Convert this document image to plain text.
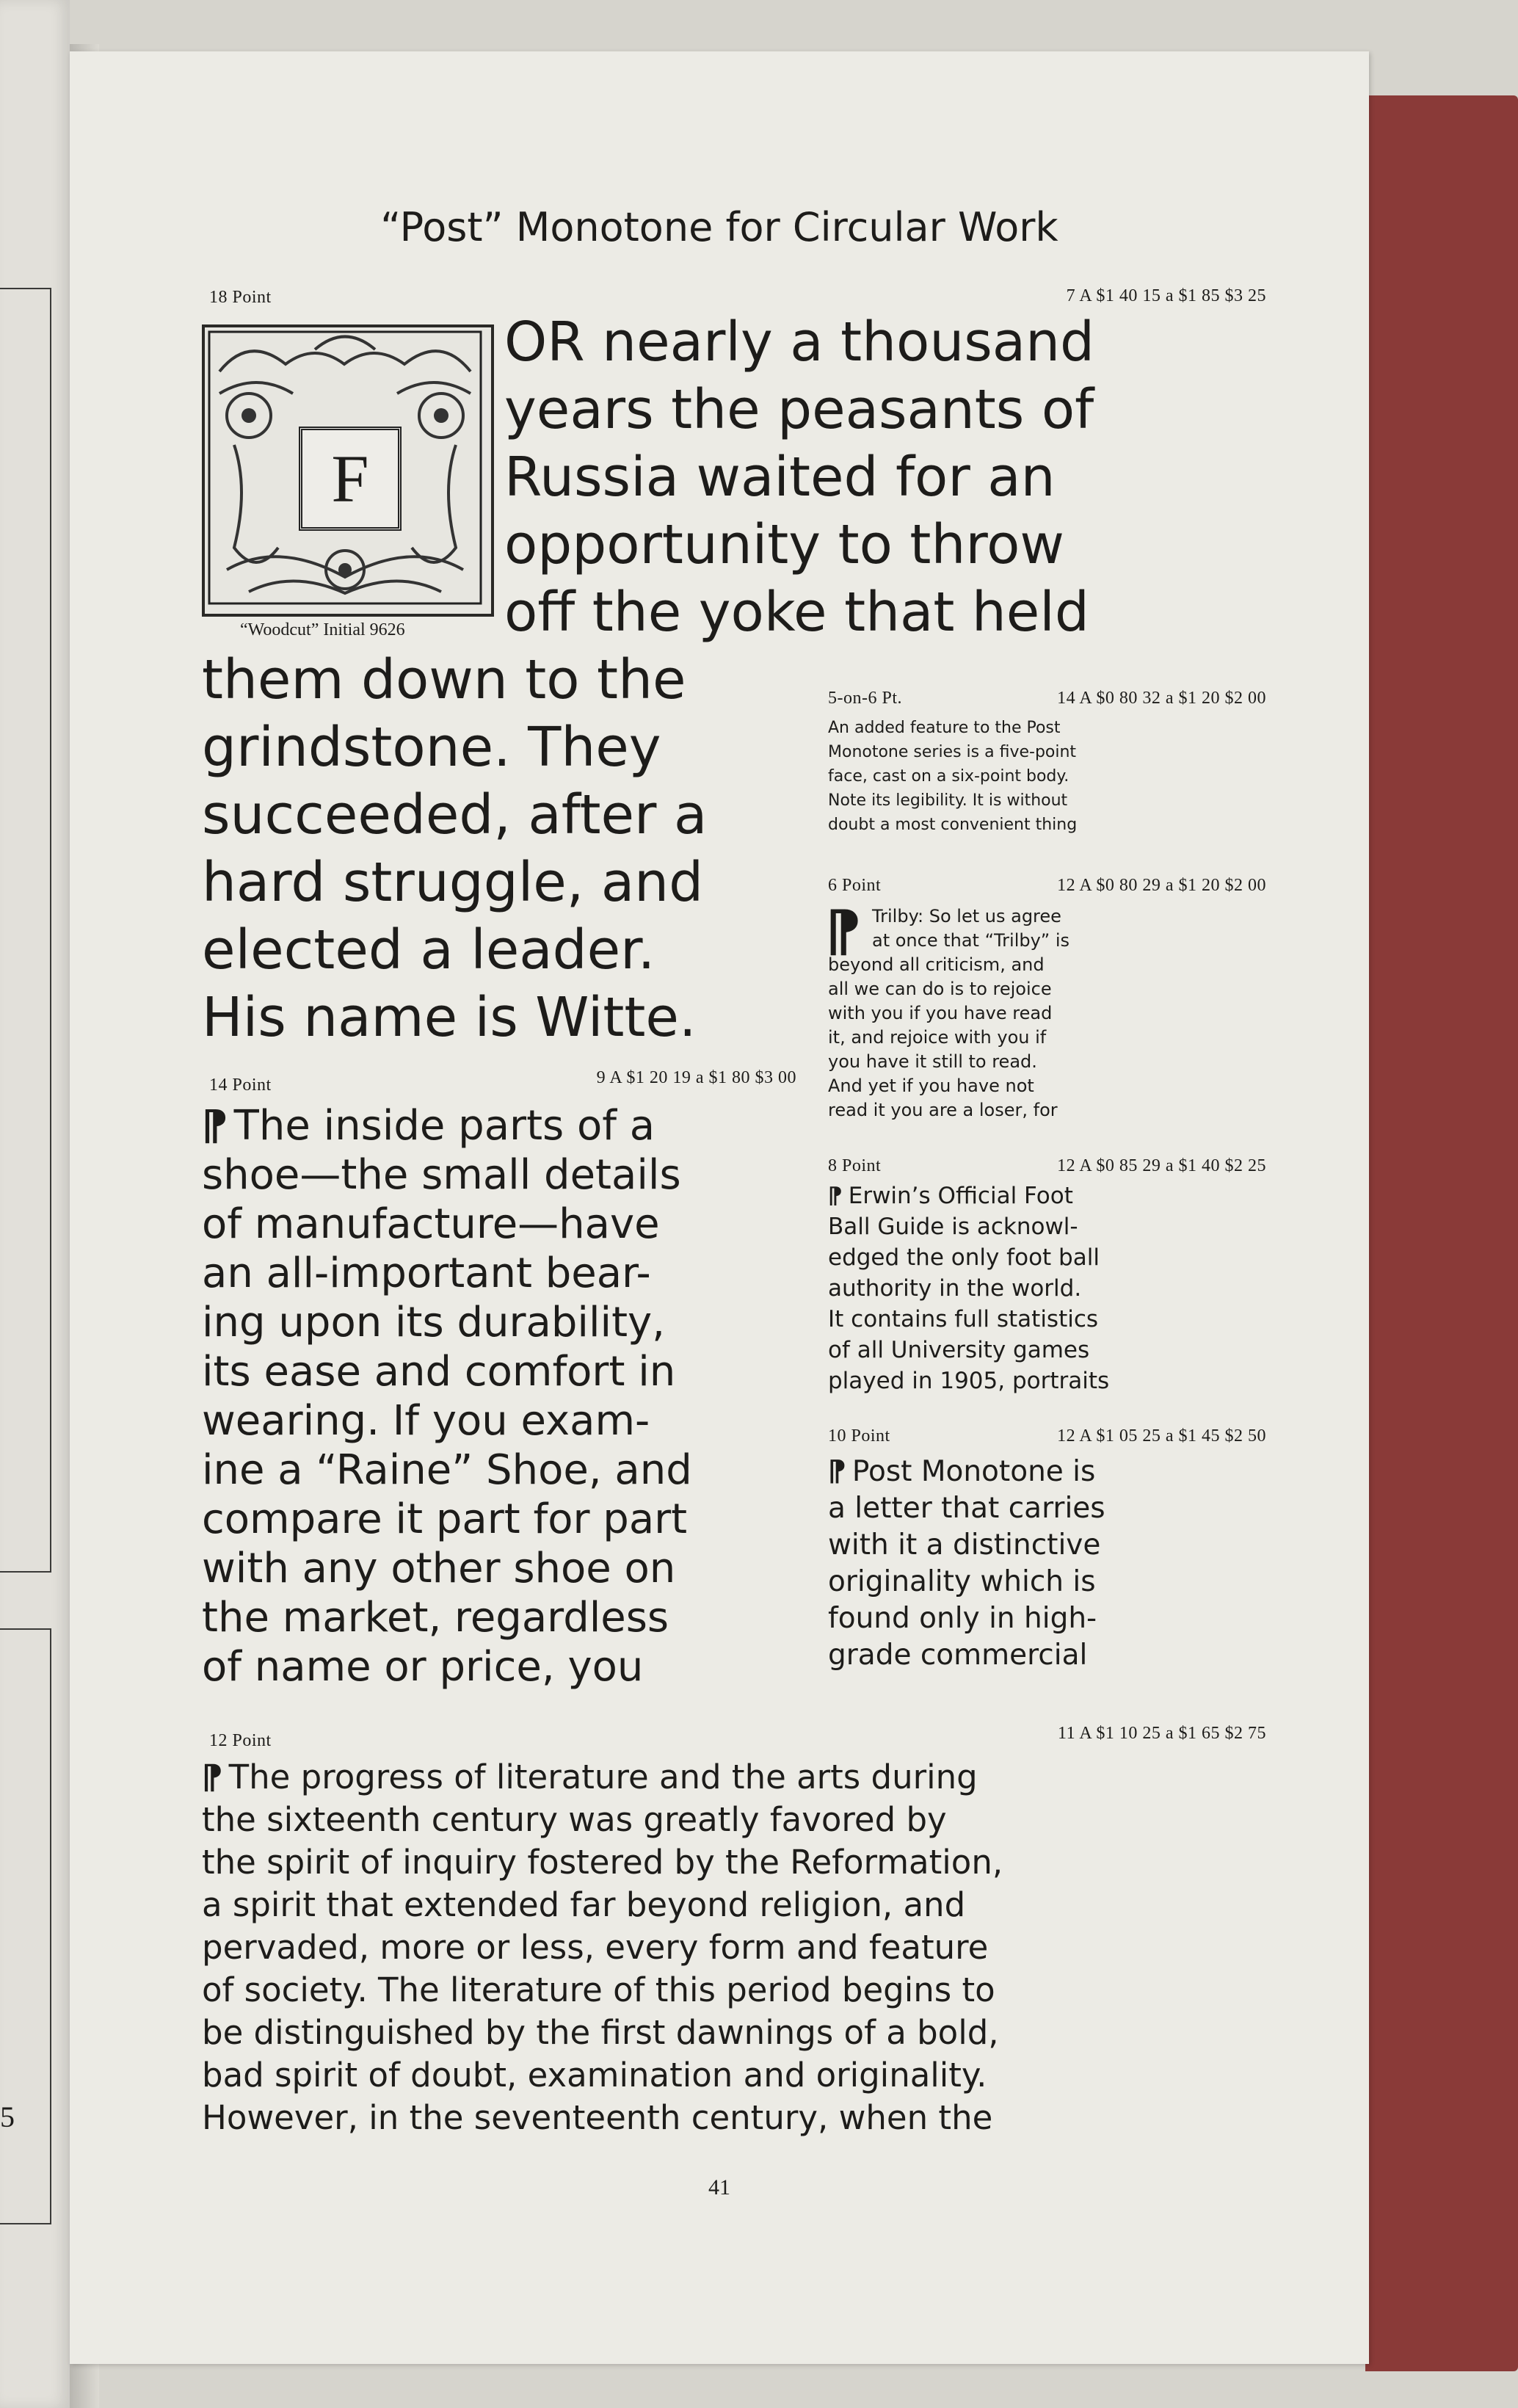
5
“Post” Monotone for Circular Work
18 Point	7 A $1 40 15 a $1 85 $3 25
F
“Woodcut” Initial 9626
OR nearly a thousand
years the peasants of
Russia waited for an
opportunity to throw
off the yoke that held
them down to the
grindstone. They
succeeded, after a
hard struggle, and
elected a leader.
His name is Witte.
5-on-6 Pt.	14 A $0 80 32 a $1 20 $2 00
An added feature to the Post
Monotone series is a five-point
face, cast on a six-point body.
Note its legibility. It is without
doubt a most convenient thing
6 Point	12 A $0 80 29 a $1 20 $2 00
¶ Trilby: So let us agree
at once that “Trilby” is
beyond all criticism, and
all we can do is to rejoice
with you if you have read
it, and rejoice with you if
you have it still to read.
And yet if you have not
read it you are a loser, for
8 Point	12 A $0 85 29 a $1 40 $2 25
¶ Erwin’s Official Foot
Ball Guide is acknowl-
edged the only foot ball
authority in the world.
It contains full statistics
of all University games
played in 1905, portraits
10 Point	12 A $1 05 25 a $1 45 $2 50
¶ Post Monotone is
a letter that carries
with it a distinctive
originality which is
found only in high-
grade commercial
14 Point	9 A $1 20 19 a $1 80 $3 00
¶ The inside parts of a
shoe—the small details
of manufacture—have
an all-important bear-
ing upon its durability,
its ease and comfort in
wearing. If you exam-
ine a “Raine” Shoe, and
compare it part for part
with any other shoe on
the market, regardless
of name or price, you
12 Point	11 A $1 10 25 a $1 65 $2 75
¶ The progress of literature and the arts during
the sixteenth century was greatly favored by
the spirit of inquiry fostered by the Reformation,
a spirit that extended far beyond religion, and
pervaded, more or less, every form and feature
of society. The literature of this period begins to
be distinguished by the first dawnings of a bold,
bad spirit of doubt, examination and originality.
However, in the seventeenth century, when the
41
